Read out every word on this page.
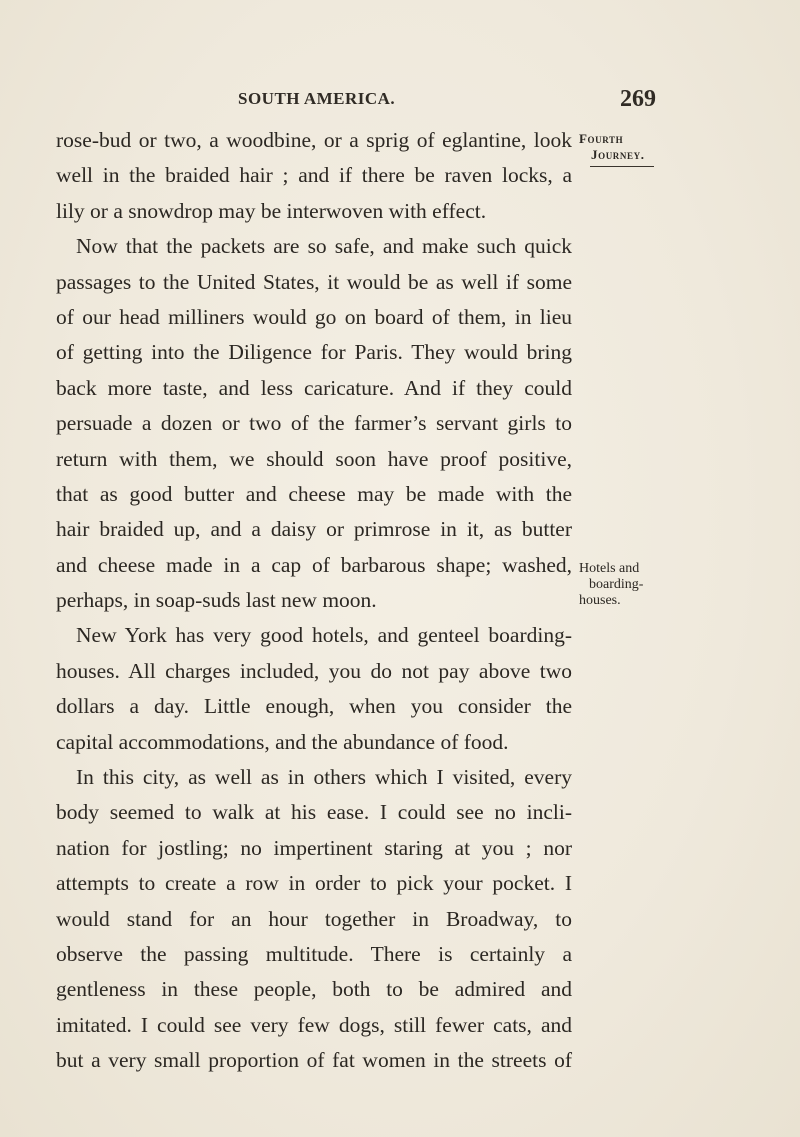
SOUTH AMERICA.	269
Fourth
Journey.
Hotels and
boarding-
houses.
rose-bud or two, a woodbine, or a sprig of eglantine, look
well in the braided hair ; and if there be raven locks, a
lily or a snowdrop may be interwoven with effect.
Now that the packets are so safe, and make such quick
passages to the United States, it would be as well if some
of our head milliners would go on board of them, in lieu
of getting into the Diligence for Paris. They would bring
back more taste, and less caricature. And if they could
persuade a dozen or two of the farmer’s servant girls to
return with them, we should soon have proof positive,
that as good butter and cheese may be made with the
hair braided up, and a daisy or primrose in it, as butter
and cheese made in a cap of barbarous shape; washed,
perhaps, in soap-suds last new moon.
New York has very good hotels, and genteel boarding-
houses. All charges included, you do not pay above two
dollars a day. Little enough, when you consider the
capital accommodations, and the abundance of food.
In this city, as well as in others which I visited, every
body seemed to walk at his ease. I could see no incli-
nation for jostling; no impertinent staring at you ; nor
attempts to create a row in order to pick your pocket. I
would stand for an hour together in Broadway, to
observe the passing multitude. There is certainly a
gentleness in these people, both to be admired and
imitated. I could see very few dogs, still fewer cats, and
but a very small proportion of fat women in the streets of
